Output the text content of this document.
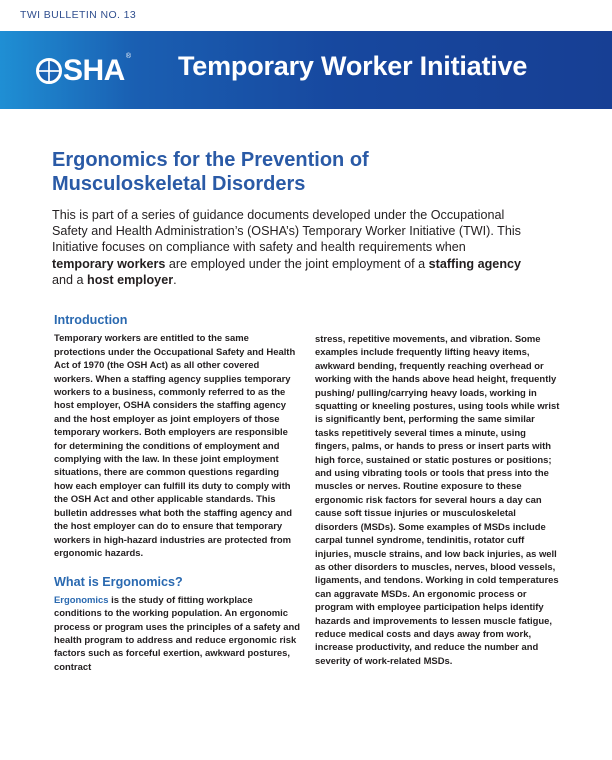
TWI BULLETIN NO. 13
SHA ® Temporary Worker Initiative
Ergonomics for the Prevention of Musculoskeletal Disorders
This is part of a series of guidance documents developed under the Occupational Safety and Health Administration’s (OSHA’s) Temporary Worker Initiative (TWI). This Initiative focuses on compliance with safety and health requirements when temporary workers are employed under the joint employment of a staffing agency and a host employer.
Introduction

Temporary workers are entitled to the same protections under the Occupational Safety and Health Act of 1970 (the OSH Act) as all other covered workers. When a staffing agency supplies temporary workers to a business, commonly referred to as the host employer, OSHA considers the staffing agency and the host employer as joint employers of those temporary workers. Both employers are responsible for determining the conditions of employment and complying with the law. In these joint employment situations, there are common questions regarding how each employer can fulfill its duty to comply with the OSH Act and other applicable standards. This bulletin addresses what both the staffing agency and the host employer can do to ensure that temporary workers in high-hazard industries are protected from ergonomic hazards.

What is Ergonomics?

Ergonomics is the study of fitting workplace conditions to the working population. An ergonomic process or program uses the principles of a safety and health program to address and reduce ergonomic risk factors such as forceful exertion, awkward postures, contract

stress, repetitive movements, and vibration. Some examples include frequently lifting heavy items, awkward bending, frequently reaching overhead or working with the hands above head height, frequently pushing/ pulling/carrying heavy loads, working in squatting or kneeling postures, using tools while wrist is significantly bent, performing the same similar tasks repetitively several times a minute, using fingers, palms, or hands to press or insert parts with high force, sustained or static postures or positions; and using vibrating tools or tools that press into the muscles or nerves. Routine exposure to these ergonomic risk factors for several hours a day can cause soft tissue injuries or musculoskeletal disorders (MSDs). Some examples of MSDs include carpal tunnel syndrome, tendinitis, rotator cuff injuries, muscle strains, and low back injuries, as well as other disorders to muscles, nerves, blood vessels, ligaments, and tendons. Working in cold temperatures can aggravate MSDs. An ergonomic process or program with employee participation helps identify hazards and improvements to lessen muscle fatigue, reduce medical costs and days away from work, increase productivity, and reduce the number and severity of work-related MSDs.
